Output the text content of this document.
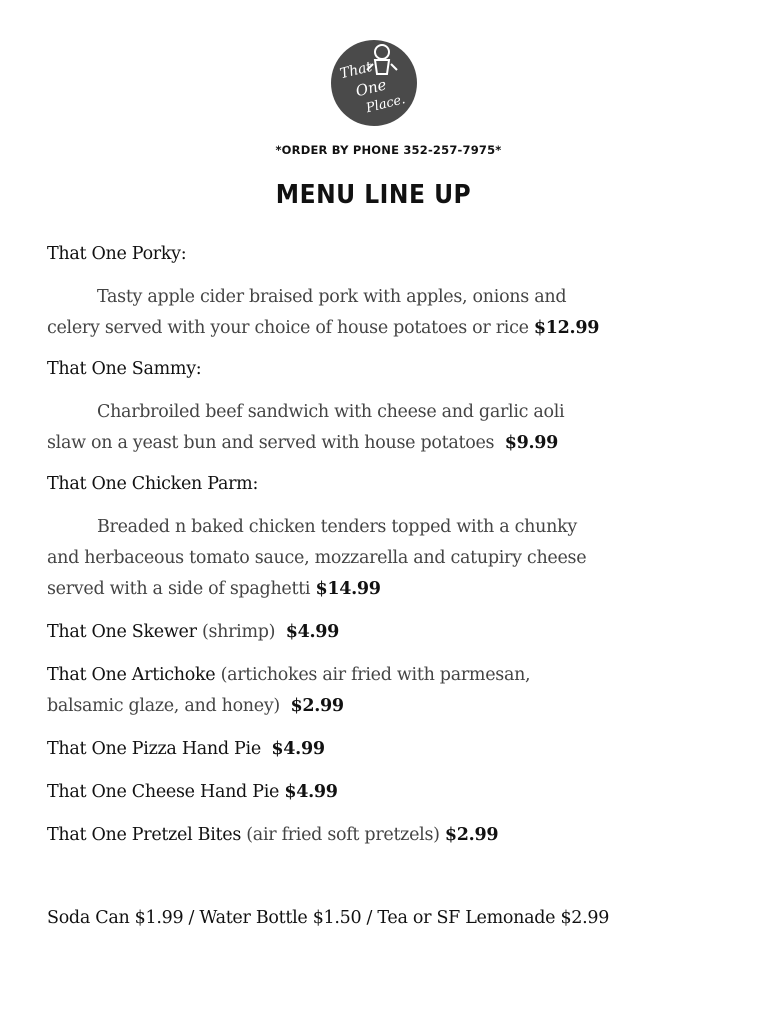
That
One
Place.
*ORDER BY PHONE 352-257-7975*
MENU LINE UP

That One Porky:

Tasty apple cider braised pork with apples, onions and

celery served with your choice of house potatoes or rice $12.99

That One Sammy:

Charbroiled beef sandwich with cheese and garlic aoli

slaw on a yeast bun and served with house potatoes $9.99

That One Chicken Parm:

Breaded n baked chicken tenders topped with a chunky

and herbaceous tomato sauce, mozzarella and catupiry cheese

served with a side of spaghetti $14.99

That One Skewer (shrimp) $4.99

That One Artichoke (artichokes air fried with parmesan,

balsamic glaze, and honey) $2.99

That One Pizza Hand Pie $4.99

That One Cheese Hand Pie $4.99

That One Pretzel Bites (air fried soft pretzels) $2.99

Soda Can $1.99 / Water Bottle $1.50 / Tea or SF Lemonade $2.99
